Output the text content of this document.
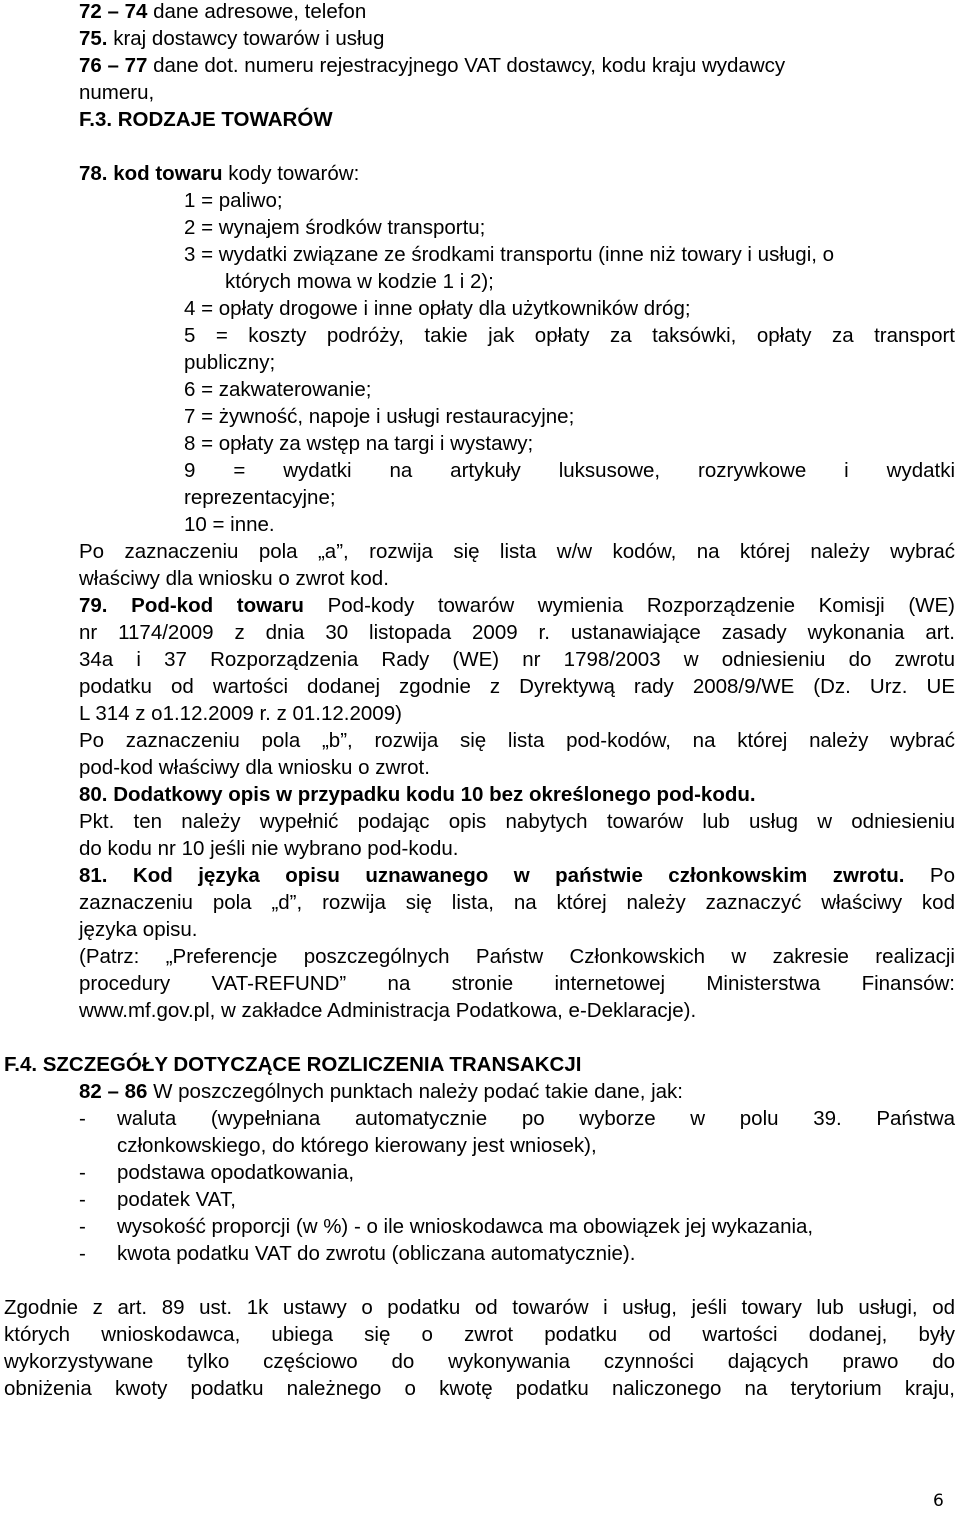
72 – 74 dane adresowe, telefon
75. kraj dostawcy towarów i usług
76 – 77 dane dot. numeru rejestracyjnego VAT dostawcy, kodu kraju wydawcy
numeru,
F.3. RODZAJE TOWARÓW
78. kod towaru kody towarów:
1 = paliwo;
2 = wynajem środków transportu;
3 = wydatki związane ze środkami transportu (inne niż towary i usługi, o
których mowa w kodzie 1 i 2);
4 = opłaty drogowe i inne opłaty dla użytkowników dróg;
5 = koszty podróży, takie jak opłaty za taksówki, opłaty za transport
publiczny;
6 = zakwaterowanie;
7 = żywność, napoje i usługi restauracyjne;
8 = opłaty za wstęp na targi i wystawy;
9 = wydatki na artykuły luksusowe, rozrywkowe i wydatki
reprezentacyjne;
10 = inne.
Po zaznaczeniu pola „a”, rozwija się lista w/w kodów, na której należy wybrać
właściwy dla wniosku o zwrot kod.
79. Pod-kod towaru Pod-kody towarów wymienia Rozporządzenie Komisji (WE)
nr 1174/2009 z dnia 30 listopada 2009 r. ustanawiające zasady wykonania art.
34a i 37 Rozporządzenia Rady (WE) nr 1798/2003 w odniesieniu do zwrotu
podatku od wartości dodanej zgodnie z Dyrektywą rady 2008/9/WE (Dz. Urz. UE
L 314 z o1.12.2009 r. z 01.12.2009)
Po zaznaczeniu pola „b”, rozwija się lista pod-kodów, na której należy wybrać
pod-kod właściwy dla wniosku o zwrot.
80. Dodatkowy opis w przypadku kodu 10 bez określonego pod-kodu.
Pkt. ten należy wypełnić podając opis nabytych towarów lub usług w odniesieniu
do kodu nr 10 jeśli nie wybrano pod-kodu.
81. Kod języka opisu uznawanego w państwie członkowskim zwrotu. Po
zaznaczeniu pola „d”, rozwija się lista, na której należy zaznaczyć właściwy kod
języka opisu.
(Patrz: „Preferencje poszczególnych Państw Członkowskich w zakresie realizacji
procedury VAT-REFUND” na stronie internetowej Ministerstwa Finansów:
www.mf.gov.pl, w zakładce Administracja Podatkowa, e-Deklaracje).
F.4. SZCZEGÓŁY DOTYCZĄCE ROZLICZENIA TRANSAKCJI
82 – 86 W poszczególnych punktach należy podać takie dane, jak:
- waluta (wypełniana automatycznie po wyborze w polu 39. Państwa
członkowskiego, do którego kierowany jest wniosek),
- podstawa opodatkowania,
- podatek VAT,
- wysokość proporcji (w %) - o ile wnioskodawca ma obowiązek jej wykazania,
- kwota podatku VAT do zwrotu (obliczana automatycznie).
Zgodnie z art. 89 ust. 1k ustawy o podatku od towarów i usług, jeśli towary lub usługi, od
których wnioskodawca, ubiega się o zwrot podatku od wartości dodanej, były
wykorzystywane tylko częściowo do wykonywania czynności dających prawo do
obniżenia kwoty podatku należnego o kwotę podatku naliczonego na terytorium kraju,
6
